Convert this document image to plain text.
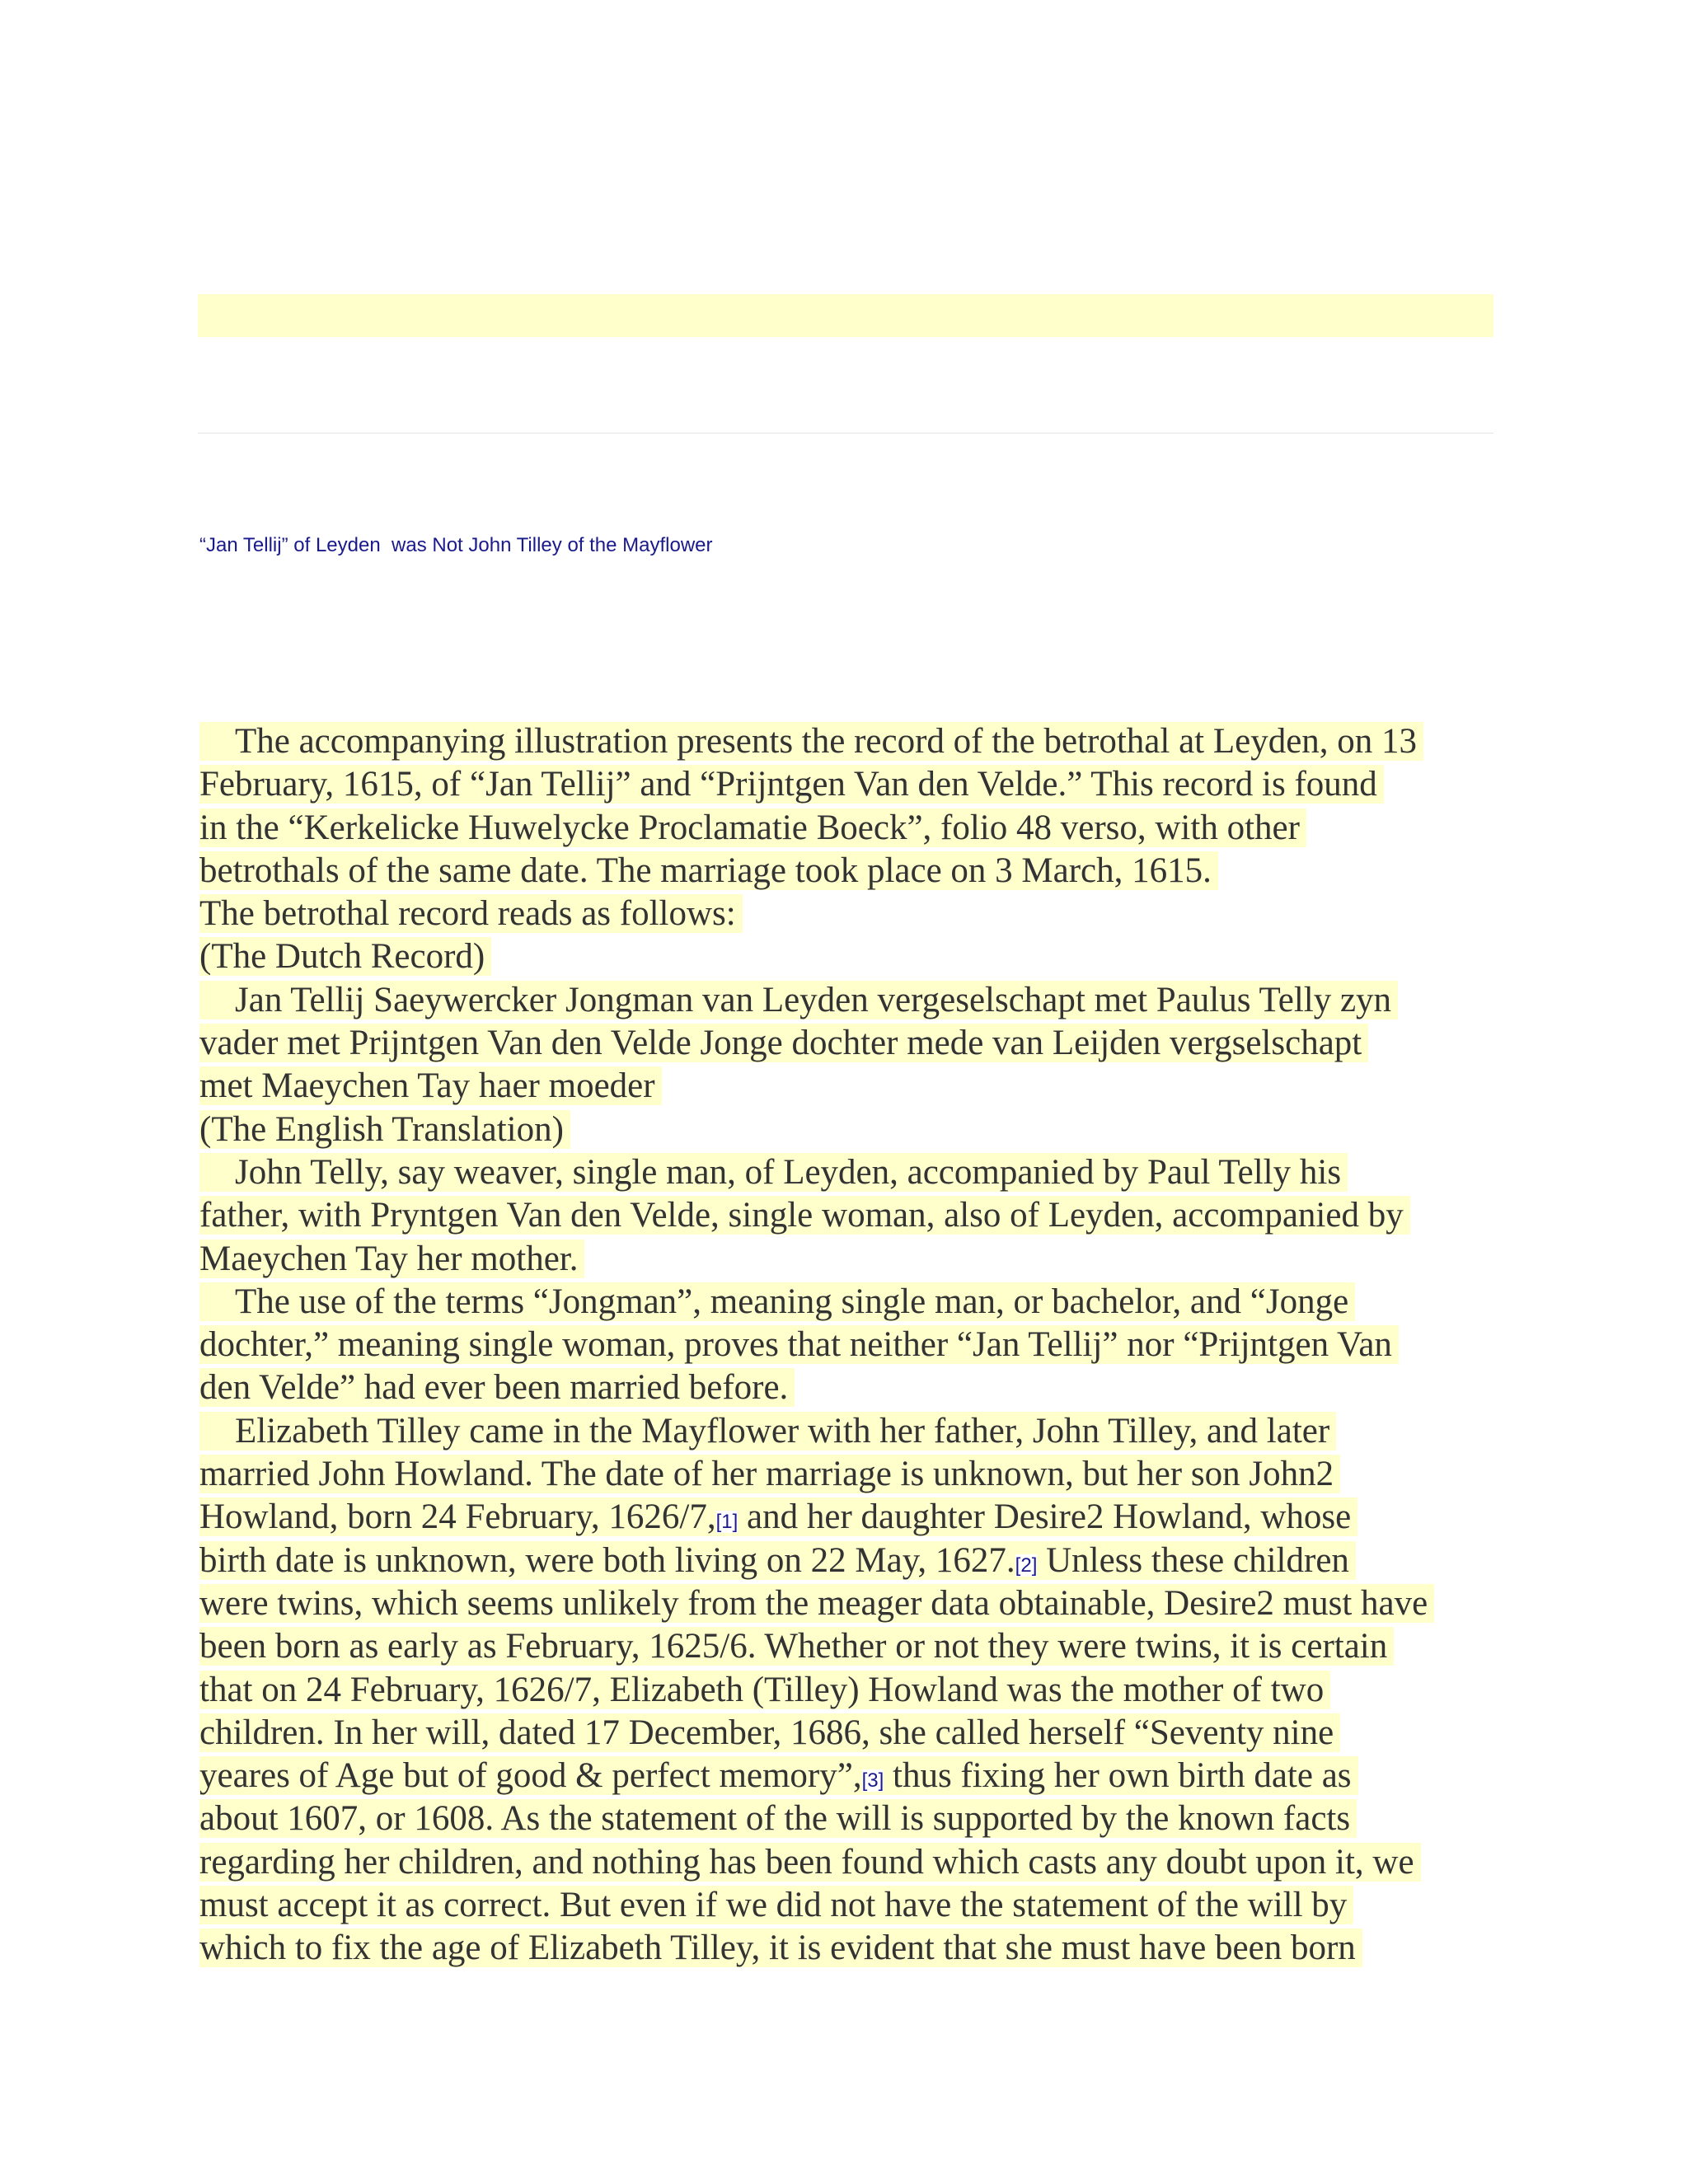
“Jan Tellij” of Leyden  was Not John Tilley of the Mayflower
The accompanying illustration presents the record of the betrothal at Leyden, on 13
February, 1615, of “Jan Tellij” and “Prijntgen Van den Velde.” This record is found
in the “Kerkelicke Huwelycke Proclamatie Boeck”, folio 48 verso, with other
betrothals of the same date. The marriage took place on 3 March, 1615.
The betrothal record reads as follows:
(The Dutch Record)
Jan Tellij Saeywercker Jongman van Leyden vergeselschapt met Paulus Telly zyn
vader met Prijntgen Van den Velde Jonge dochter mede van Leijden vergselschapt
met Maeychen Tay haer moeder
(The English Translation)
John Telly, say weaver, single man, of Leyden, accompanied by Paul Telly his
father, with Pryntgen Van den Velde, single woman, also of Leyden, accompanied by
Maeychen Tay her mother.
The use of the terms “Jongman”, meaning single man, or bachelor, and “Jonge
dochter,” meaning single woman, proves that neither “Jan Tellij” nor “Prijntgen Van
den Velde” had ever been married before.
Elizabeth Tilley came in the Mayflower with her father, John Tilley, and later
married John Howland. The date of her marriage is unknown, but her son John2
Howland, born 24 February, 1626/7,[1] and her daughter Desire2 Howland, whose
birth date is unknown, were both living on 22 May, 1627.[2] Unless these children
were twins, which seems unlikely from the meager data obtainable, Desire2 must have
been born as early as February, 1625/6. Whether or not they were twins, it is certain
that on 24 February, 1626/7, Elizabeth (Tilley) Howland was the mother of two
children. In her will, dated 17 December, 1686, she called herself “Seventy nine
yeares of Age but of good & perfect memory”,[3] thus fixing her own birth date as
about 1607, or 1608. As the statement of the will is supported by the known facts
regarding her children, and nothing has been found which casts any doubt upon it, we
must accept it as correct. But even if we did not have the statement of the will by
which to fix the age of Elizabeth Tilley, it is evident that she must have been born
